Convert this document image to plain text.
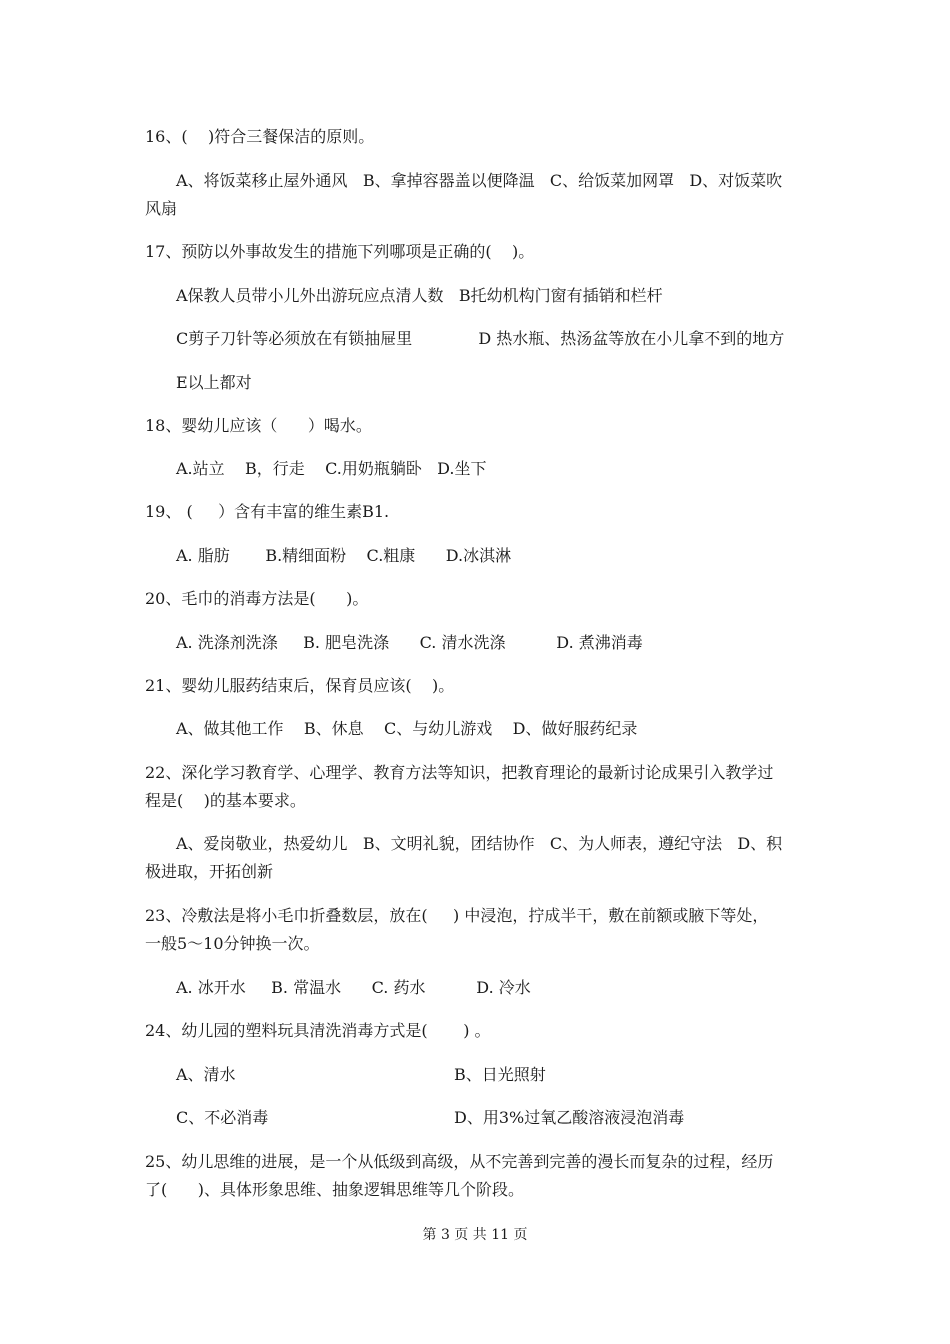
16、(    )符合三餐保洁的原则。
A、将饭菜移止屋外通风   B、拿掉容器盖以便降温   C、给饭菜加网罩   D、对饭菜吹
风扇
17、预防以外事故发生的措施下列哪项是正确的(    )。
A保教人员带小儿外出游玩应点清人数   B托幼机构门窗有插销和栏杆
C剪子刀针等必须放在有锁抽屉里             D 热水瓶、热汤盆等放在小儿拿不到的地方
E以上都对
18、婴幼儿应该（      ）喝水。
A.站立    B，行走    C.用奶瓶躺卧   D.坐下
19、 (     ）含有丰富的维生素B1.
A. 脂肪       B.精细面粉    C.粗康      D.冰淇淋
20、毛巾的消毒方法是(      )。
A. 洗涤剂洗涤     B. 肥皂洗涤      C. 清水洗涤          D. 煮沸消毒
21、婴幼儿服药结束后，保育员应该(    )。
A、做其他工作    B、休息    C、与幼儿游戏    D、做好服药纪录
22、深化学习教育学、心理学、教育方法等知识，把教育理论的最新讨论成果引入教学过
程是(    )的基本要求。
A、爱岗敬业，热爱幼儿   B、文明礼貌，团结协作   C、为人师表，遵纪守法   D、积
极进取，开拓创新
23、冷敷法是将小毛巾折叠数层，放在(     ) 中浸泡，拧成半干，敷在前额或腋下等处，
一般5～10分钟换一次。
A. 冰开水     B. 常温水      C. 药水          D. 冷水
24、幼儿园的塑料玩具清洗消毒方式是(       ) 。
A、清水	B、日光照射
C、不必消毒	D、用3%过氧乙酸溶液浸泡消毒
25、幼儿思维的进展，是一个从低级到高级，从不完善到完善的漫长而复杂的过程，经历
了(      )、具体形象思维、抽象逻辑思维等几个阶段。
第 3 页 共 11 页
